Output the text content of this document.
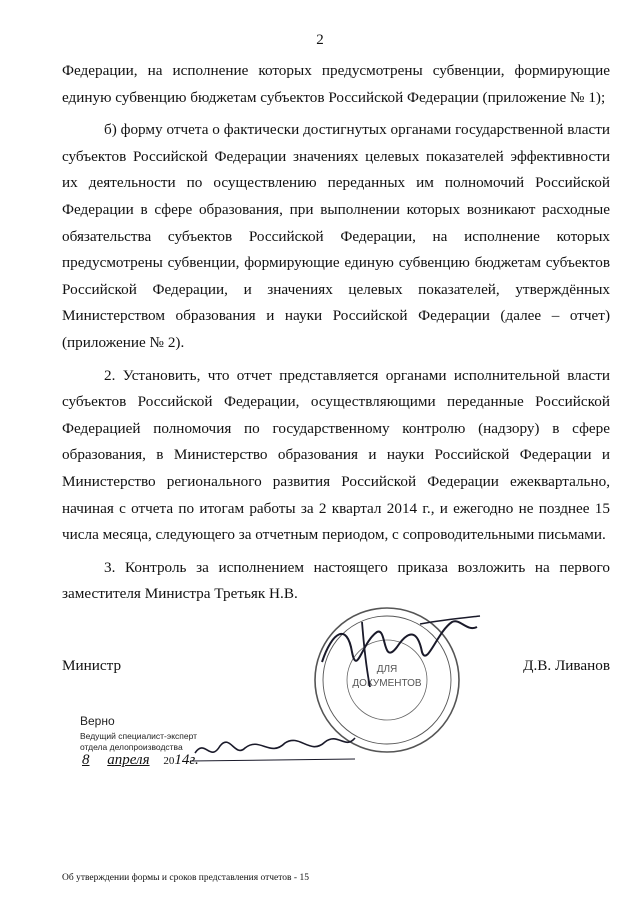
2

Федерации, на исполнение которых предусмотрены субвенции, формирующие единую субвенцию бюджетам субъектов Российской Федерации (приложение № 1);

б) форму отчета о фактически достигнутых органами государственной власти субъектов Российской Федерации значениях целевых показателей эффективности их деятельности по осуществлению переданных им полномочий Российской Федерации в сфере образования, при выполнении которых возникают расходные обязательства субъектов Российской Федерации, на исполнение которых предусмотрены субвенции, формирующие единую субвенцию бюджетам субъектов Российской Федерации, и значениях целевых показателей, утверждённых Министерством образования и науки Российской Федерации (далее – отчет) (приложение № 2).

2. Установить, что отчет представляется органами исполнительной власти субъектов Российской Федерации, осуществляющими переданные Российской Федерацией полномочия по государственному контролю (надзору) в сфере образования, в Министерство образования и науки Российской Федерации и Министерство регионального развития Российской Федерации ежеквартально, начиная с отчета по итогам работы за 2 квартал 2014 г., и ежегодно не позднее 15 числа месяца, следующего за отчетным периодом, с сопроводительными письмами.

3. Контроль за исполнением настоящего приказа возложить на первого заместителя Министра Третьяк Н.В.

ДЛЯ
ДОКУМЕНТОВ
Министр	Д.В. Ливанов
Верно
Ведущий специалист-эксперт
отдела делопроизводства
8 апреля 2014г.
Об утверждении формы и сроков представления отчетов - 15
